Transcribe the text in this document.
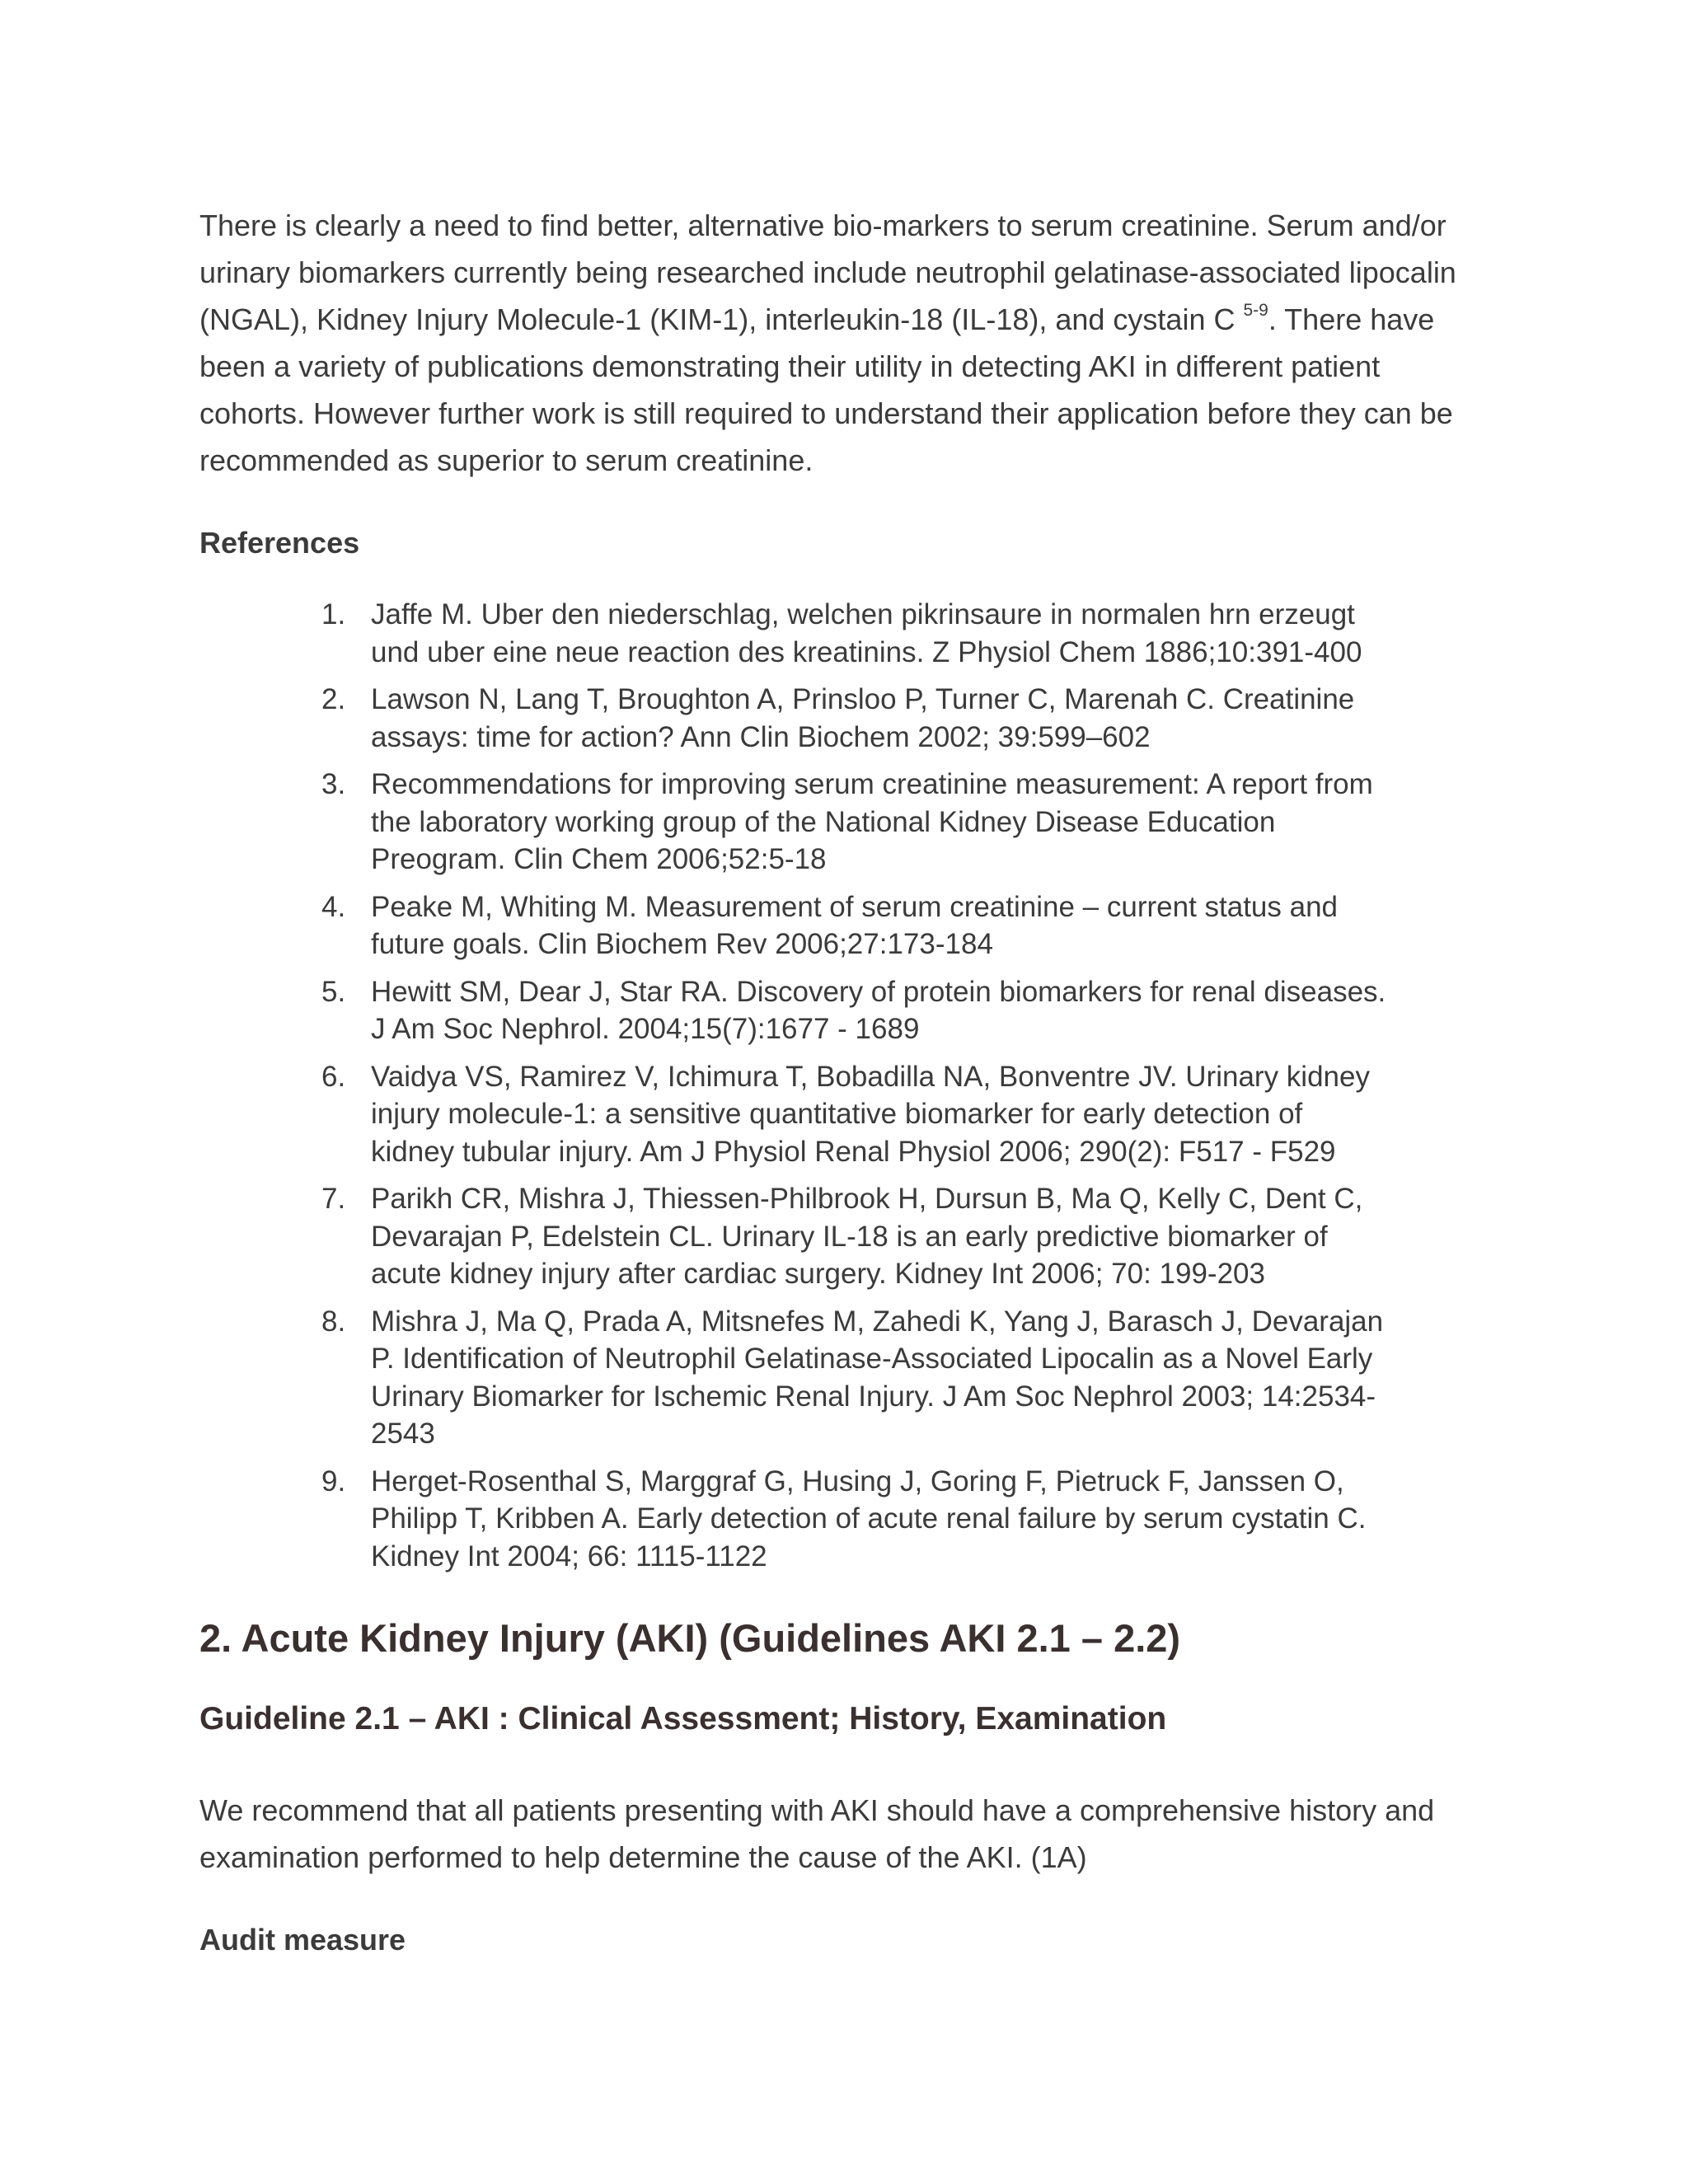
There is clearly a need to find better, alternative bio-markers to serum creatinine. Serum and/or
urinary biomarkers currently being researched include neutrophil gelatinase-associated lipocalin
(NGAL), Kidney Injury Molecule-1 (KIM-1), interleukin-18 (IL-18), and cystain C $^{5-9}$. There have
been a variety of publications demonstrating their utility in detecting AKI in different patient
cohorts. However further work is still required to understand their application before they can be
recommended as superior to serum creatinine.

References
1. Jaffe M. Uber den niederschlag, welchen pikrinsaure in normalen hrn erzeugt
und uber eine neue reaction des kreatinins. Z Physiol Chem 1886;10:391-400
2. Lawson N, Lang T, Broughton A, Prinsloo P, Turner C, Marenah C. Creatinine
assays: time for action? Ann Clin Biochem 2002; 39:599–602
3. Recommendations for improving serum creatinine measurement: A report from
the laboratory working group of the National Kidney Disease Education
Preogram. Clin Chem 2006;52:5-18
4. Peake M, Whiting M. Measurement of serum creatinine – current status and
future goals. Clin Biochem Rev 2006;27:173-184
5. Hewitt SM, Dear J, Star RA. Discovery of protein biomarkers for renal diseases.
J Am Soc Nephrol. 2004;15(7):1677 - 1689
6. Vaidya VS, Ramirez V, Ichimura T, Bobadilla NA, Bonventre JV. Urinary kidney
injury molecule-1: a sensitive quantitative biomarker for early detection of
kidney tubular injury. Am J Physiol Renal Physiol 2006; 290(2): F517 - F529
7. Parikh CR, Mishra J, Thiessen-Philbrook H, Dursun B, Ma Q, Kelly C, Dent C,
Devarajan P, Edelstein CL. Urinary IL-18 is an early predictive biomarker of
acute kidney injury after cardiac surgery. Kidney Int 2006; 70: 199-203
8. Mishra J, Ma Q, Prada A, Mitsnefes M, Zahedi K, Yang J, Barasch J, Devarajan
P. Identification of Neutrophil Gelatinase-Associated Lipocalin as a Novel Early
Urinary Biomarker for Ischemic Renal Injury. J Am Soc Nephrol 2003; 14:2534-
2543
9. Herget-Rosenthal S, Marggraf G, Husing J, Goring F, Pietruck F, Janssen O,
Philipp T, Kribben A. Early detection of acute renal failure by serum cystatin C.
Kidney Int 2004; 66: 1115-1122
2. Acute Kidney Injury (AKI) (Guidelines AKI 2.1 – 2.2)
Guideline 2.1 – AKI : Clinical Assessment; History, Examination

We recommend that all patients presenting with AKI should have a comprehensive history and
examination performed to help determine the cause of the AKI. (1A)

Audit measure
